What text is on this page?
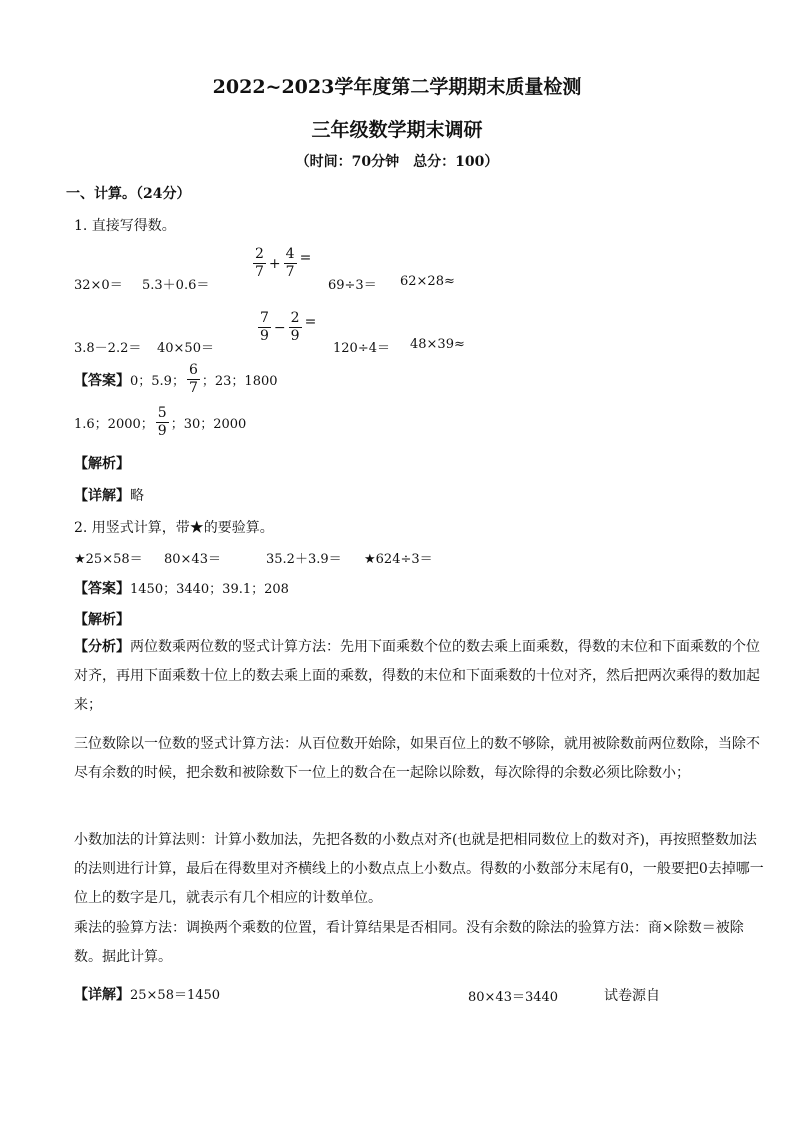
2022~2023学年度第二学期期末质量检测
三年级数学期末调研
（时间：70分钟　总分：100）
一、计算。（24分）
1. 直接写得数。
32×0＝ 5.3＋0.6＝
$\frac{2}{7} + \frac{4}{7}$ =
69÷3＝ 62×28≈
3.8－2.2＝ 40×50＝
$\frac{7}{9} - \frac{2}{9}$ =
120÷4＝ 48×39≈
【答案】 0；5.9； $\frac{6}{7}$ ；23；1800
1.6；2000； $\frac{5}{9}$ ；30；2000
【解析】
【详解】略
2. 用竖式计算，带★的要验算。
★25×58＝ 80×43＝	35.2＋3.9＝ ★624÷3＝
【答案】1450；3440；39.1；208
【解析】
【分析】两位数乘两位数的竖式计算方法：先用下面乘数个位的数去乘上面乘数，得数的末位和下面乘数的个位对齐，再用下面乘数十位上的数去乘上面的乘数，得数的末位和下面乘数的十位对齐，然后把两次乘得的数加起来；
三位数除以一位数的竖式计算方法：从百位数开始除，如果百位上的数不够除，就用被除数前两位数除，当除不尽有余数的时候，把余数和被除数下一位上的数合在一起除以除数，每次除得的余数必须比除数小；
小数加法的计算法则：计算小数加法，先把各数的小数点对齐(也就是把相同数位上的数对齐)，再按照整数加法的法则进行计算，最后在得数里对齐横线上的小数点点上小数点。得数的小数部分末尾有0，一般要把0去掉哪一位上的数字是几，就表示有几个相应的计数单位。
乘法的验算方法：调换两个乘数的位置，看计算结果是否相同。没有余数的除法的验算方法：商×除数＝被除数。据此计算。
【详解】25×58＝1450	80×43＝3440	试卷源自
